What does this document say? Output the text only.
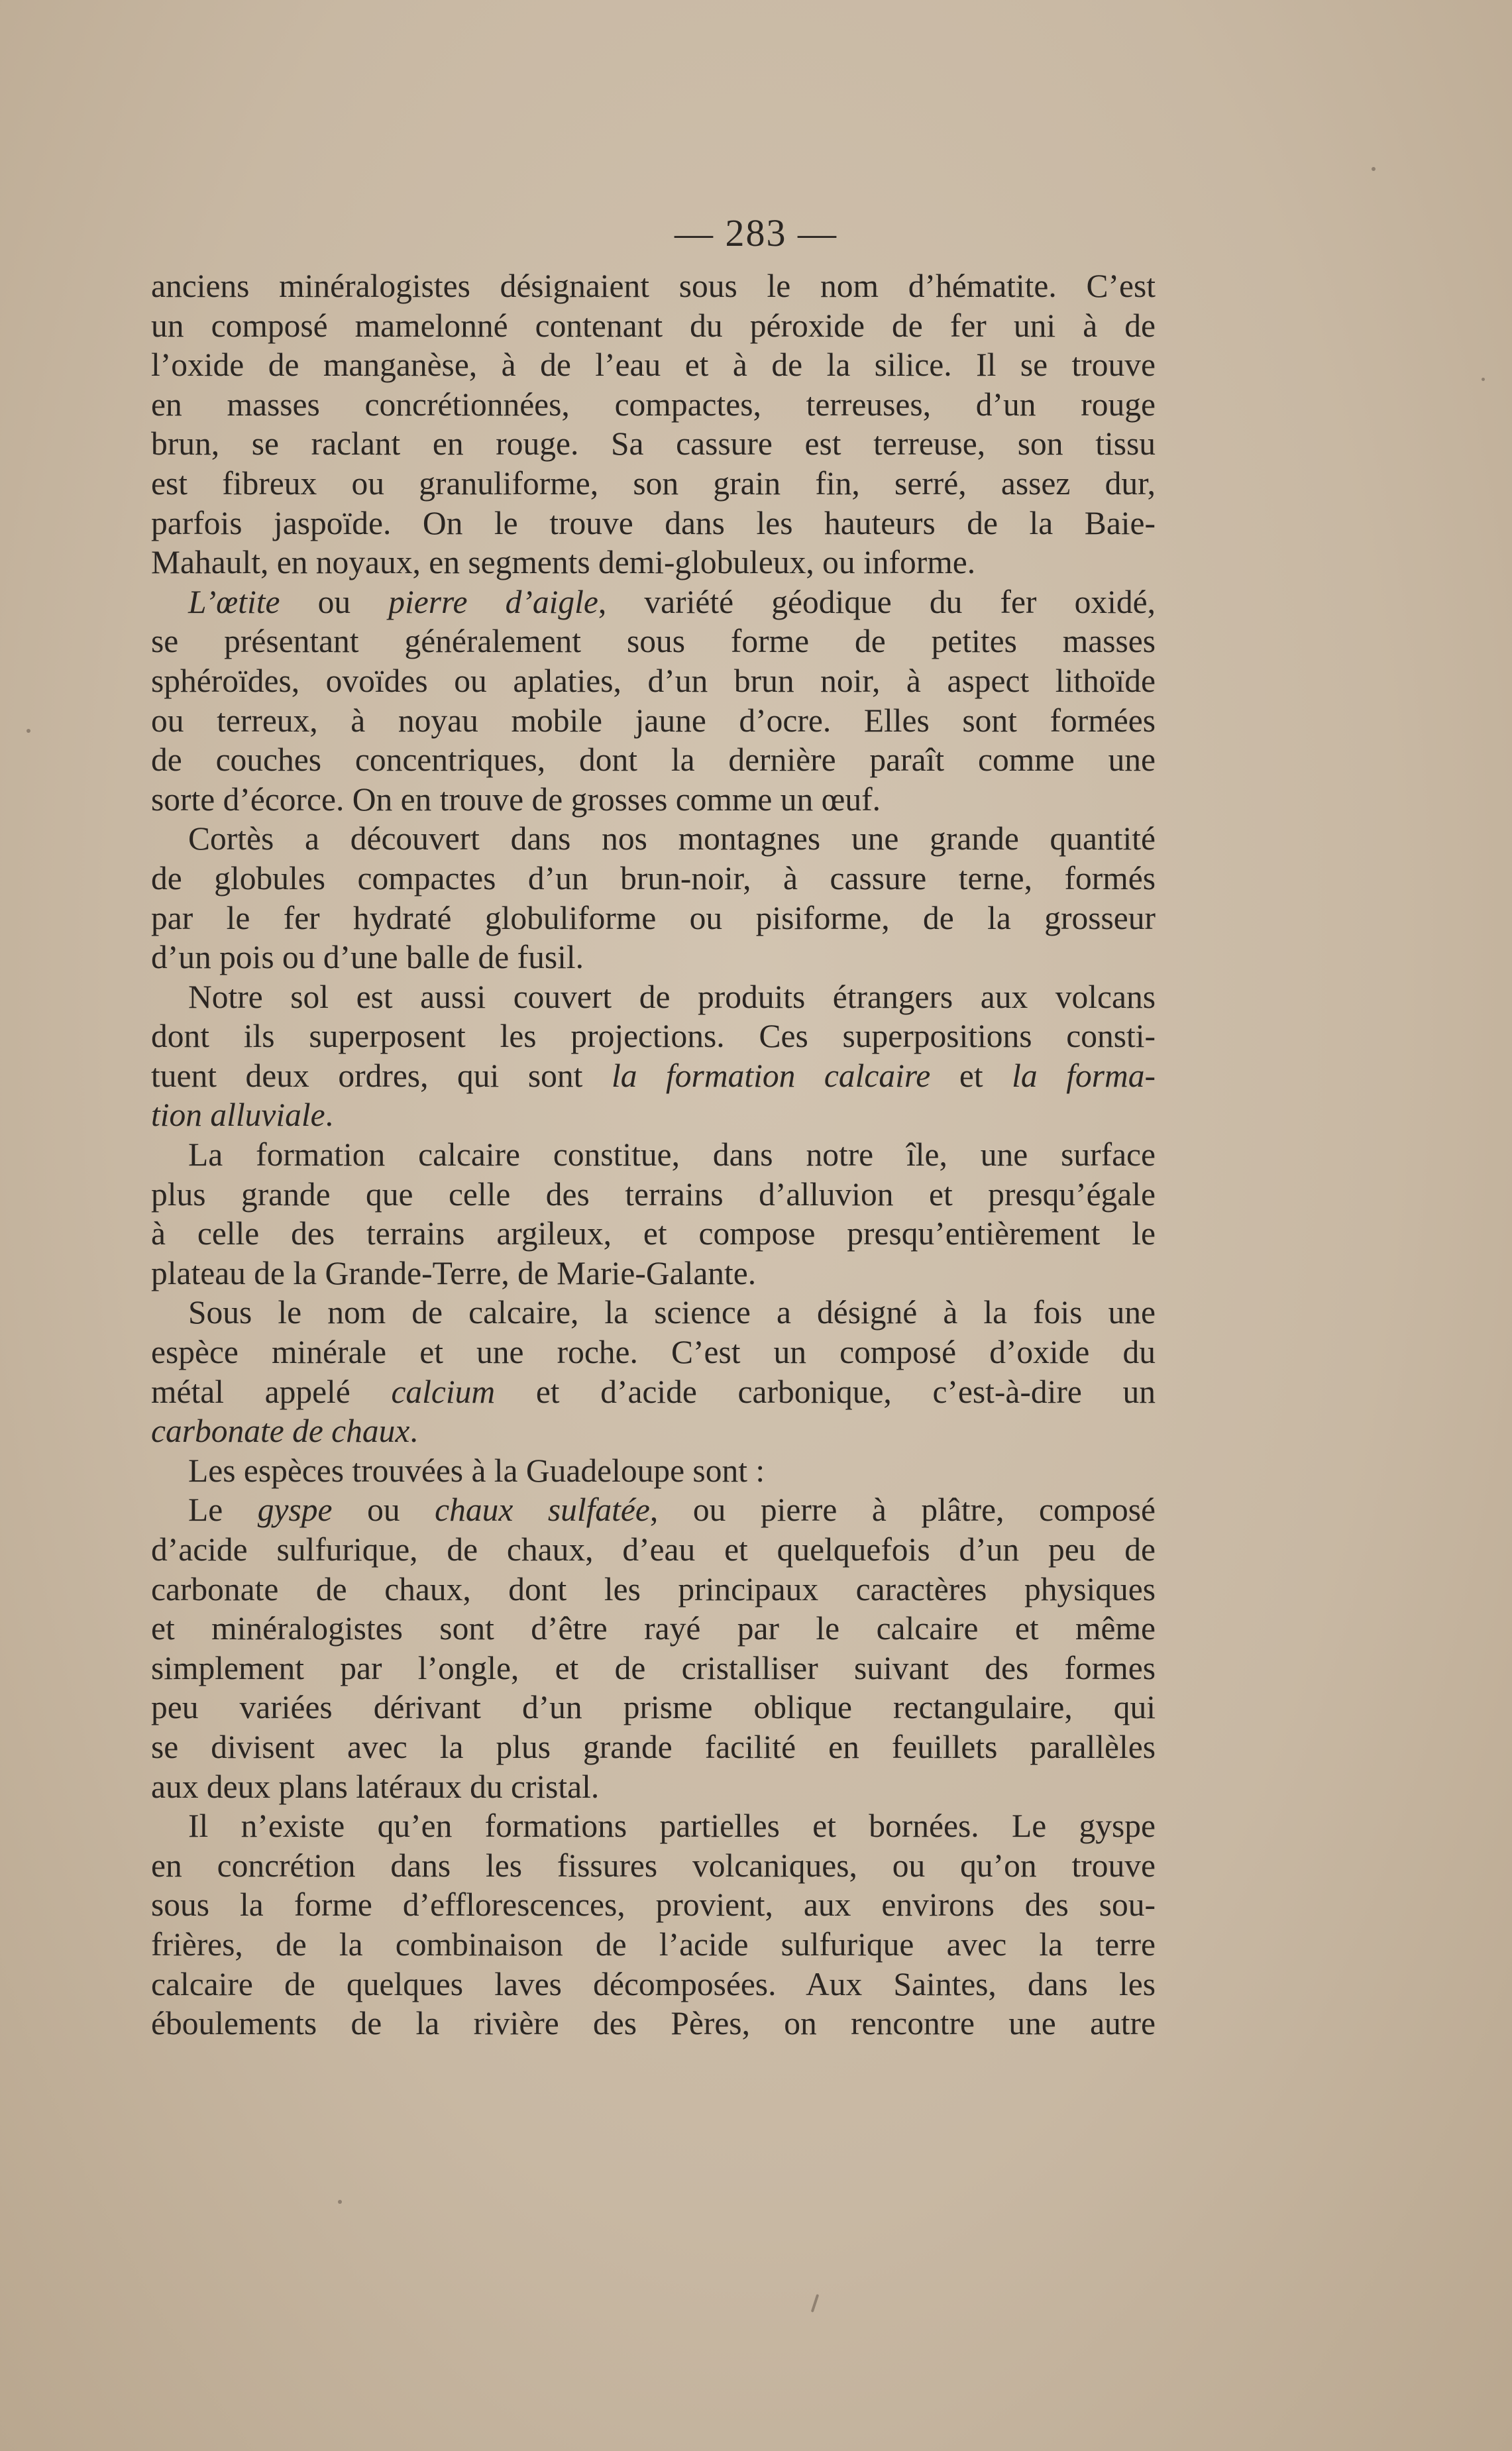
— 283 —
anciens minéralogistes désignaient sous le nom d’hématite. C’est
un composé mamelonné contenant du péroxide de fer uni à de
l’oxide de manganèse, à de l’eau et à de la silice. Il se trouve
en masses concrétionnées, compactes, terreuses, d’un rouge
brun, se raclant en rouge. Sa cassure est terreuse, son tissu
est fibreux ou granuliforme, son grain fin, serré, assez dur,
parfois jaspoïde. On le trouve dans les hauteurs de la Baie-
Mahault, en noyaux, en segments demi-globuleux, ou informe.
L’œtite ou pierre d’aigle, variété géodique du fer oxidé,
se présentant généralement sous forme de petites masses
sphéroïdes, ovoïdes ou aplaties, d’un brun noir, à aspect lithoïde
ou terreux, à noyau mobile jaune d’ocre. Elles sont formées
de couches concentriques, dont la dernière paraît comme une
sorte d’écorce. On en trouve de grosses comme un œuf.
Cortès a découvert dans nos montagnes une grande quantité
de globules compactes d’un brun-noir, à cassure terne, formés
par le fer hydraté globuliforme ou pisiforme, de la grosseur
d’un pois ou d’une balle de fusil.
Notre sol est aussi couvert de produits étrangers aux volcans
dont ils superposent les projections. Ces superpositions consti-
tuent deux ordres, qui sont la formation calcaire et la forma-
tion alluviale.
La formation calcaire constitue, dans notre île, une surface
plus grande que celle des terrains d’alluvion et presqu’égale
à celle des terrains argileux, et compose presqu’entièrement le
plateau de la Grande-Terre, de Marie-Galante.
Sous le nom de calcaire, la science a désigné à la fois une
espèce minérale et une roche. C’est un composé d’oxide du
métal appelé calcium et d’acide carbonique, c’est-à-dire un
carbonate de chaux.
Les espèces trouvées à la Guadeloupe sont :
Le gyspe ou chaux sulfatée, ou pierre à plâtre, composé
d’acide sulfurique, de chaux, d’eau et quelquefois d’un peu de
carbonate de chaux, dont les principaux caractères physiques
et minéralogistes sont d’être rayé par le calcaire et même
simplement par l’ongle, et de cristalliser suivant des formes
peu variées dérivant d’un prisme oblique rectangulaire, qui
se divisent avec la plus grande facilité en feuillets parallèles
aux deux plans latéraux du cristal.
Il n’existe qu’en formations partielles et bornées. Le gyspe
en concrétion dans les fissures volcaniques, ou qu’on trouve
sous la forme d’efflorescences, provient, aux environs des sou-
frières, de la combinaison de l’acide sulfurique avec la terre
calcaire de quelques laves décomposées. Aux Saintes, dans les
éboulements de la rivière des Pères, on rencontre une autre
